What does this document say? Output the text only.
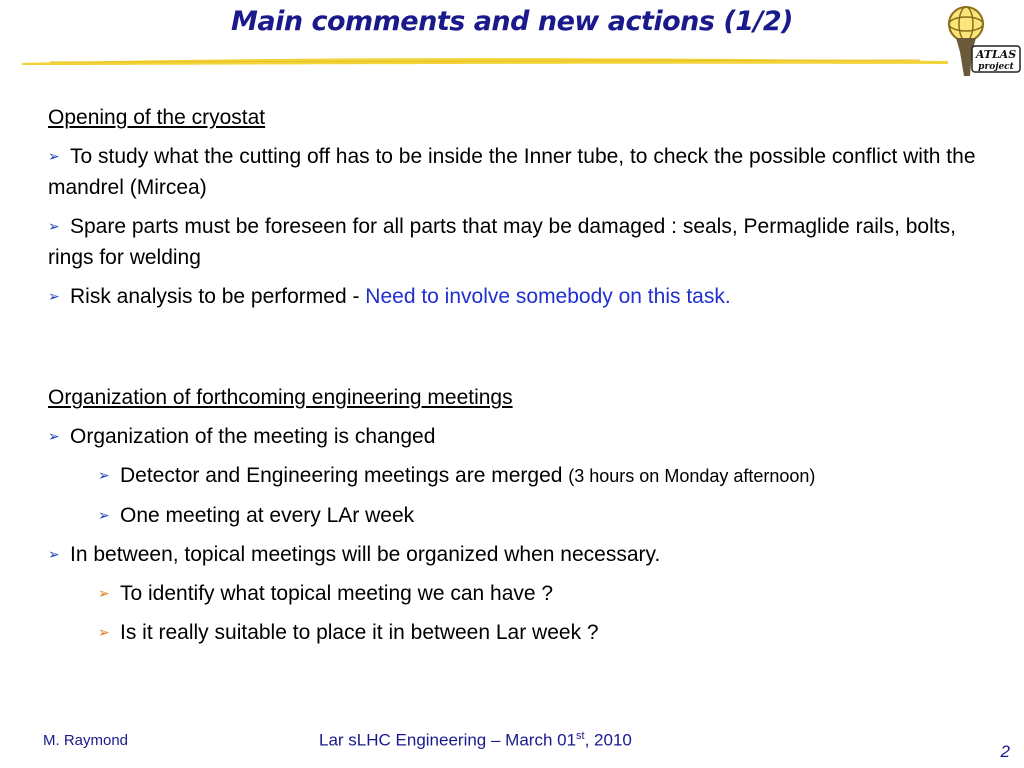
Main comments and new actions (1/2)
ATLAS
project

Opening of the cryostat

➢ To study what the cutting off has to be inside the Inner tube, to check the possible conflict with the mandrel (Mircea)

➢ Spare parts must be foreseen for all parts that may be damaged : seals, Permaglide rails, bolts, rings for welding

➢ Risk analysis to be performed - Need to involve somebody on this task.

Organization of forthcoming engineering meetings

➢ Organization of the meeting is changed

➢ Detector and Engineering meetings are merged (3 hours on Monday afternoon)

➢ One meeting at every LAr week

➢ In between, topical meetings will be organized when necessary.

➢ To identify what topical meeting we can have ?

➢ Is it really suitable to place it in between Lar week ?

M. Raymond	Lar sLHC Engineering – March 01st, 2010
2
